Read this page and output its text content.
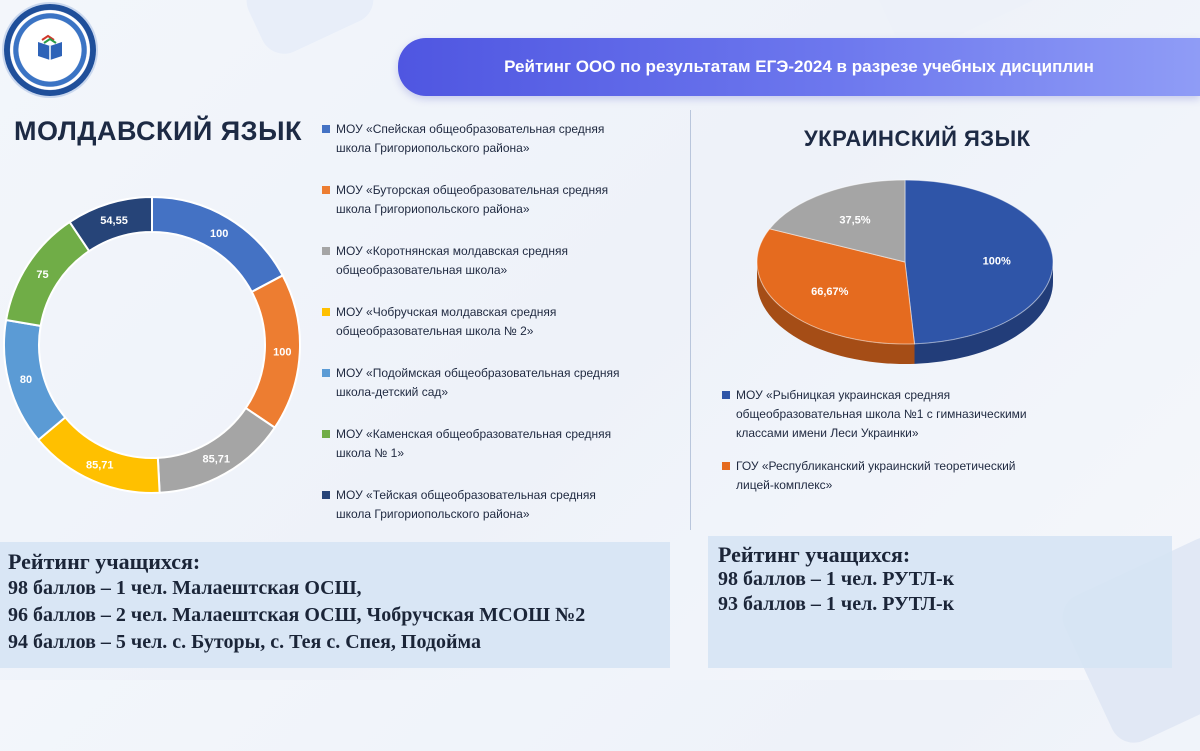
Рейтинг ООО по результатам ЕГЭ-2024 в разрезе учебных дисциплин
МОЛДАВСКИЙ ЯЗЫК	УКРАИНСКИЙ ЯЗЫК
100
100
85,71
85,71
80
75
54,55
100%
66,67%
37,5%
МОУ «Спейская общеобразовательная средняя
школа Григориопольского района»
МОУ «Буторская общеобразовательная средняя
школа Григориопольского района»
МОУ «Коротнянская молдавская средняя
общеобразовательная школа»
МОУ «Чобручская молдавская средняя
общеобразовательная школа № 2»
МОУ «Подоймская общеобразовательная средняя
школа-детский сад»
МОУ «Каменская общеобразовательная средняя
школа № 1»
МОУ «Тейская общеобразовательная средняя
школа Григориопольского района»
МОУ «Рыбницкая украинская средняя
общеобразовательная школа №1 с гимназическими
классами имени Леси Украинки»
ГОУ «Республиканский украинский теоретический
лицей-комплекс»
Рейтинг учащихся:
98 баллов – 1 чел. Малаештская ОСШ,
96 баллов – 2 чел. Малаештская ОСШ, Чобручская МСОШ №2
94 баллов – 5 чел. с. Буторы, с. Тея с. Спея, Подойма
Рейтинг учащихся:
98 баллов – 1 чел. РУТЛ-к
93 баллов – 1 чел. РУТЛ-к
